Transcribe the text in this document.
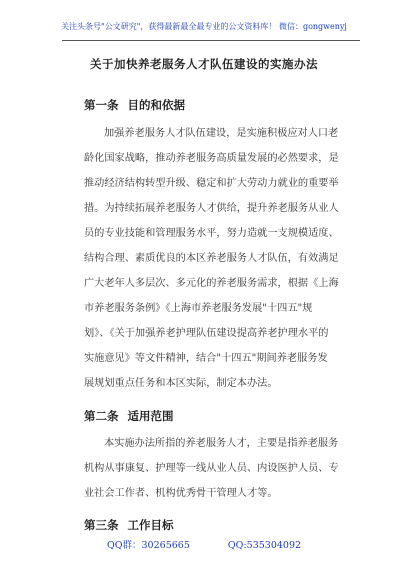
关注头条号"公文研究"，获得最新最全最专业的公文资料库！ 微信：gongwenyj
关于加快养老服务人才队伍建设的实施办法
第一条 目的和依据
加强养老服务人才队伍建设，是实施积极应对人口老
龄化国家战略，推动养老服务高质量发展的必然要求，是
推动经济结构转型升级、稳定和扩大劳动力就业的重要举
措。为持续拓展养老服务人才供给，提升养老服务从业人
员的专业技能和管理服务水平，努力造就一支规模适度、
结构合理、素质优良的本区养老服务人才队伍，有效满足
广大老年人多层次、多元化的养老服务需求，根据《上海
市养老服务条例》《上海市养老服务发展"十四五"规
划》、《关于加强养老护理队伍建设提高养老护理水平的
实施意见》等文件精神，结合"十四五"期间养老服务发
展规划重点任务和本区实际，制定本办法。
第二条 适用范围
本实施办法所指的养老服务人才，主要是指养老服务
机构从事康复、护理等一线从业人员、内设医护人员、专
业社会工作者、机构优秀骨干管理人才等。
第三条 工作目标
QQ群：30265665	QQ:535304092
